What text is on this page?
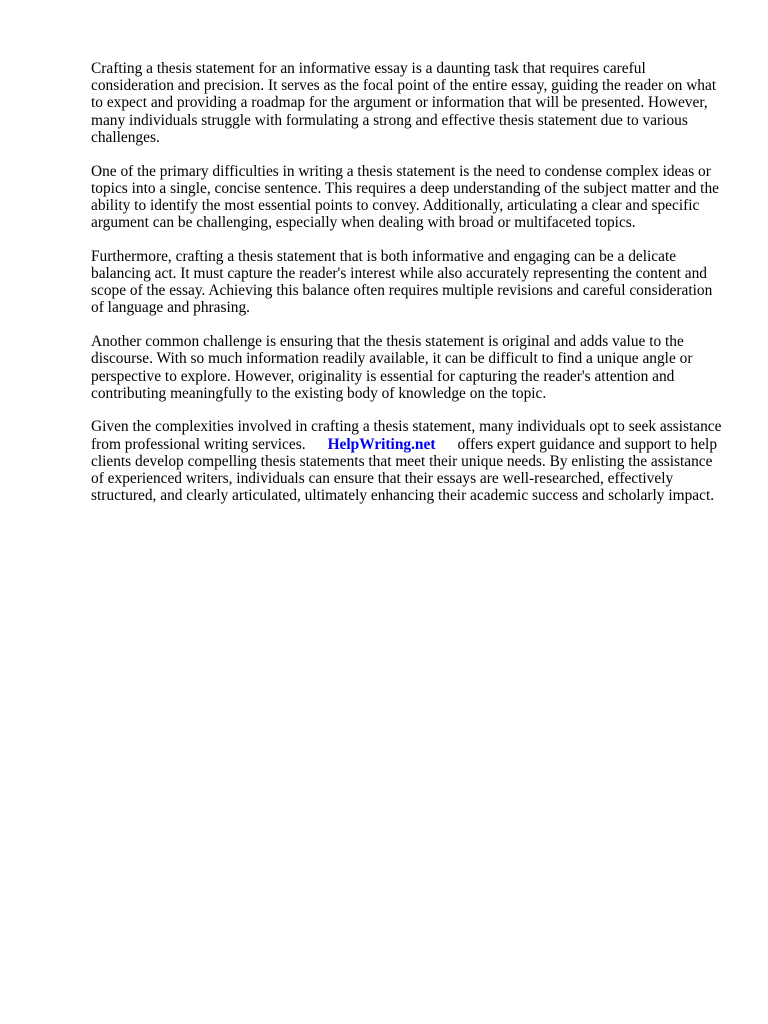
Crafting a thesis statement for an informative essay is a daunting task that requires careful consideration and precision. It serves as the focal point of the entire essay, guiding the reader on what to expect and providing a roadmap for the argument or information that will be presented. However, many individuals struggle with formulating a strong and effective thesis statement due to various challenges.

One of the primary difficulties in writing a thesis statement is the need to condense complex ideas or topics into a single, concise sentence. This requires a deep understanding of the subject matter and the ability to identify the most essential points to convey. Additionally, articulating a clear and specific argument can be challenging, especially when dealing with broad or multifaceted topics.

Furthermore, crafting a thesis statement that is both informative and engaging can be a delicate balancing act. It must capture the reader's interest while also accurately representing the content and scope of the essay. Achieving this balance often requires multiple revisions and careful consideration of language and phrasing.

Another common challenge is ensuring that the thesis statement is original and adds value to the discourse. With so much information readily available, it can be difficult to find a unique angle or perspective to explore. However, originality is essential for capturing the reader's attention and contributing meaningfully to the existing body of knowledge on the topic.

Given the complexities involved in crafting a thesis statement, many individuals opt to seek assistance from professional writing services. HelpWriting.net offers expert guidance and support to help clients develop compelling thesis statements that meet their unique needs. By enlisting the assistance of experienced writers, individuals can ensure that their essays are well-researched, effectively structured, and clearly articulated, ultimately enhancing their academic success and scholarly impact.
